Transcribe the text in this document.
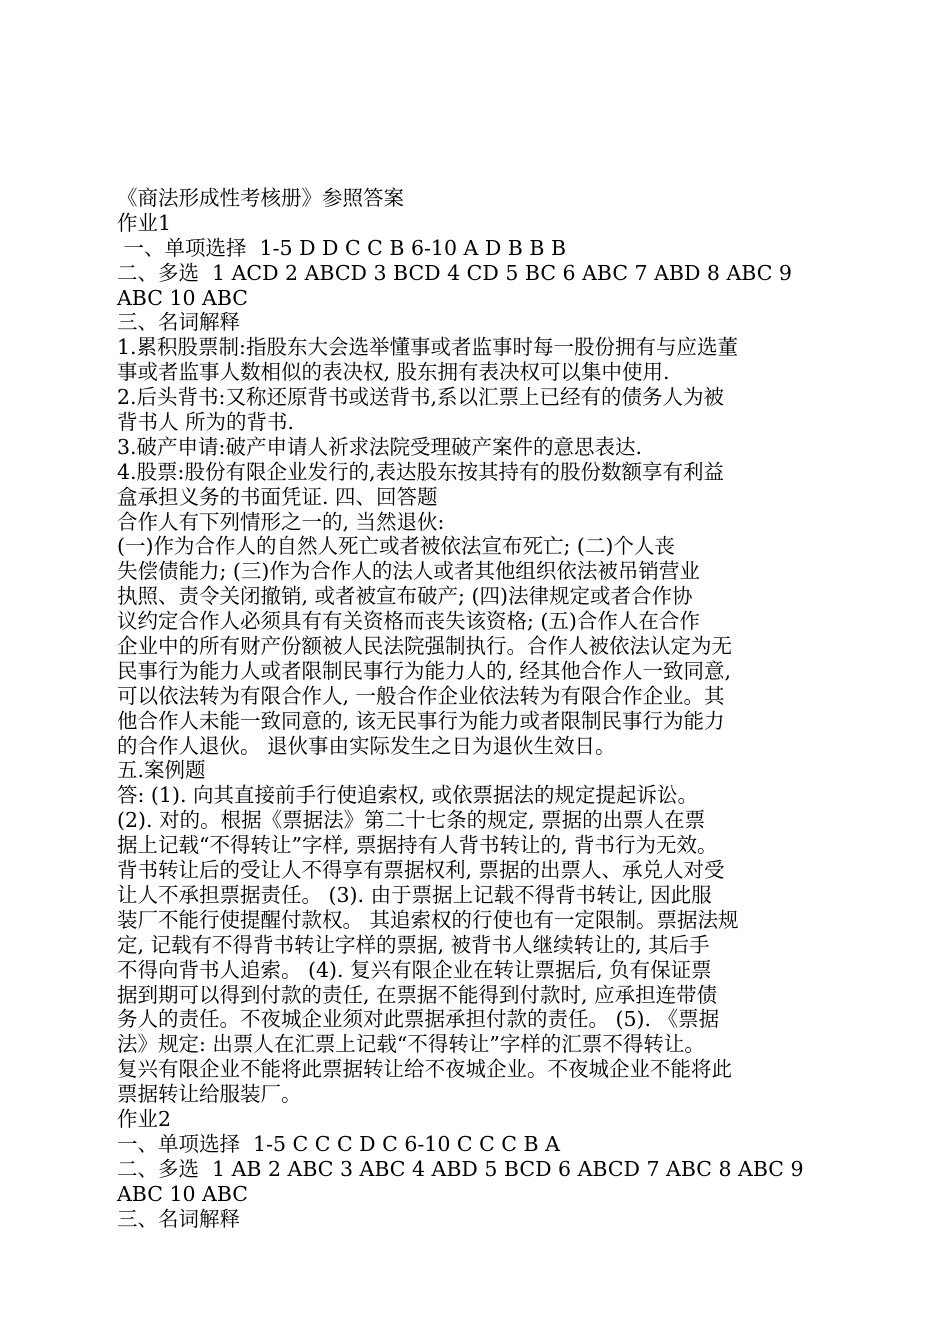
《商法形成性考核册》参照答案
作业1
一、单项选择  1-5 D D C C B 6-10 A D B B B
二、多选  1 ACD 2 ABCD 3 BCD 4 CD 5 BC 6 ABC 7 ABD 8 ABC 9
ABC 10 ABC
三、名词解释
1.累积股票制:指股东大会选举懂事或者监事时每一股份拥有与应选董
事或者监事人数相似的表决权, 股东拥有表决权可以集中使用.
2.后头背书:又称还原背书或送背书,系以汇票上已经有的债务人为被
背书人 所为的背书.
3.破产申请:破产申请人祈求法院受理破产案件的意思表达.
4.股票:股份有限企业发行的,表达股东按其持有的股份数额享有利益
盒承担义务的书面凭证. 四、回答题
合作人有下列情形之一的, 当然退伙:
(一)作为合作人的自然人死亡或者被依法宣布死亡; (二)个人丧
失偿债能力; (三)作为合作人的法人或者其他组织依法被吊销营业
执照、责令关闭撤销, 或者被宣布破产; (四)法律规定或者合作协
议约定合作人必须具有有关资格而丧失该资格; (五)合作人在合作
企业中的所有财产份额被人民法院强制执行。合作人被依法认定为无
民事行为能力人或者限制民事行为能力人的, 经其他合作人一致同意,
可以依法转为有限合作人, 一般合作企业依法转为有限合作企业。其
他合作人未能一致同意的, 该无民事行为能力或者限制民事行为能力
的合作人退伙。 退伙事由实际发生之日为退伙生效日。
五.案例题
答: (1). 向其直接前手行使追索权, 或依票据法的规定提起诉讼。
(2). 对的。根据《票据法》第二十七条的规定, 票据的出票人在票
据上记载“不得转让”字样, 票据持有人背书转让的, 背书行为无效。
背书转让后的受让人不得享有票据权利, 票据的出票人、承兑人对受
让人不承担票据责任。 (3). 由于票据上记载不得背书转让, 因此服
装厂不能行使提醒付款权。 其追索权的行使也有一定限制。票据法规
定, 记载有不得背书转让字样的票据, 被背书人继续转让的, 其后手
不得向背书人追索。 (4). 复兴有限企业在转让票据后, 负有保证票
据到期可以得到付款的责任, 在票据不能得到付款时, 应承担连带债
务人的责任。不夜城企业须对此票据承担付款的责任。 (5). 《票据
法》规定: 出票人在汇票上记载“不得转让”字样的汇票不得转让。
复兴有限企业不能将此票据转让给不夜城企业。不夜城企业不能将此
票据转让给服装厂。
作业2
一、单项选择  1-5 C C C D C 6-10 C C C B A
二、多选  1 AB 2 ABC 3 ABC 4 ABD 5 BCD 6 ABCD 7 ABC 8 ABC 9
ABC 10 ABC
三、名词解释
